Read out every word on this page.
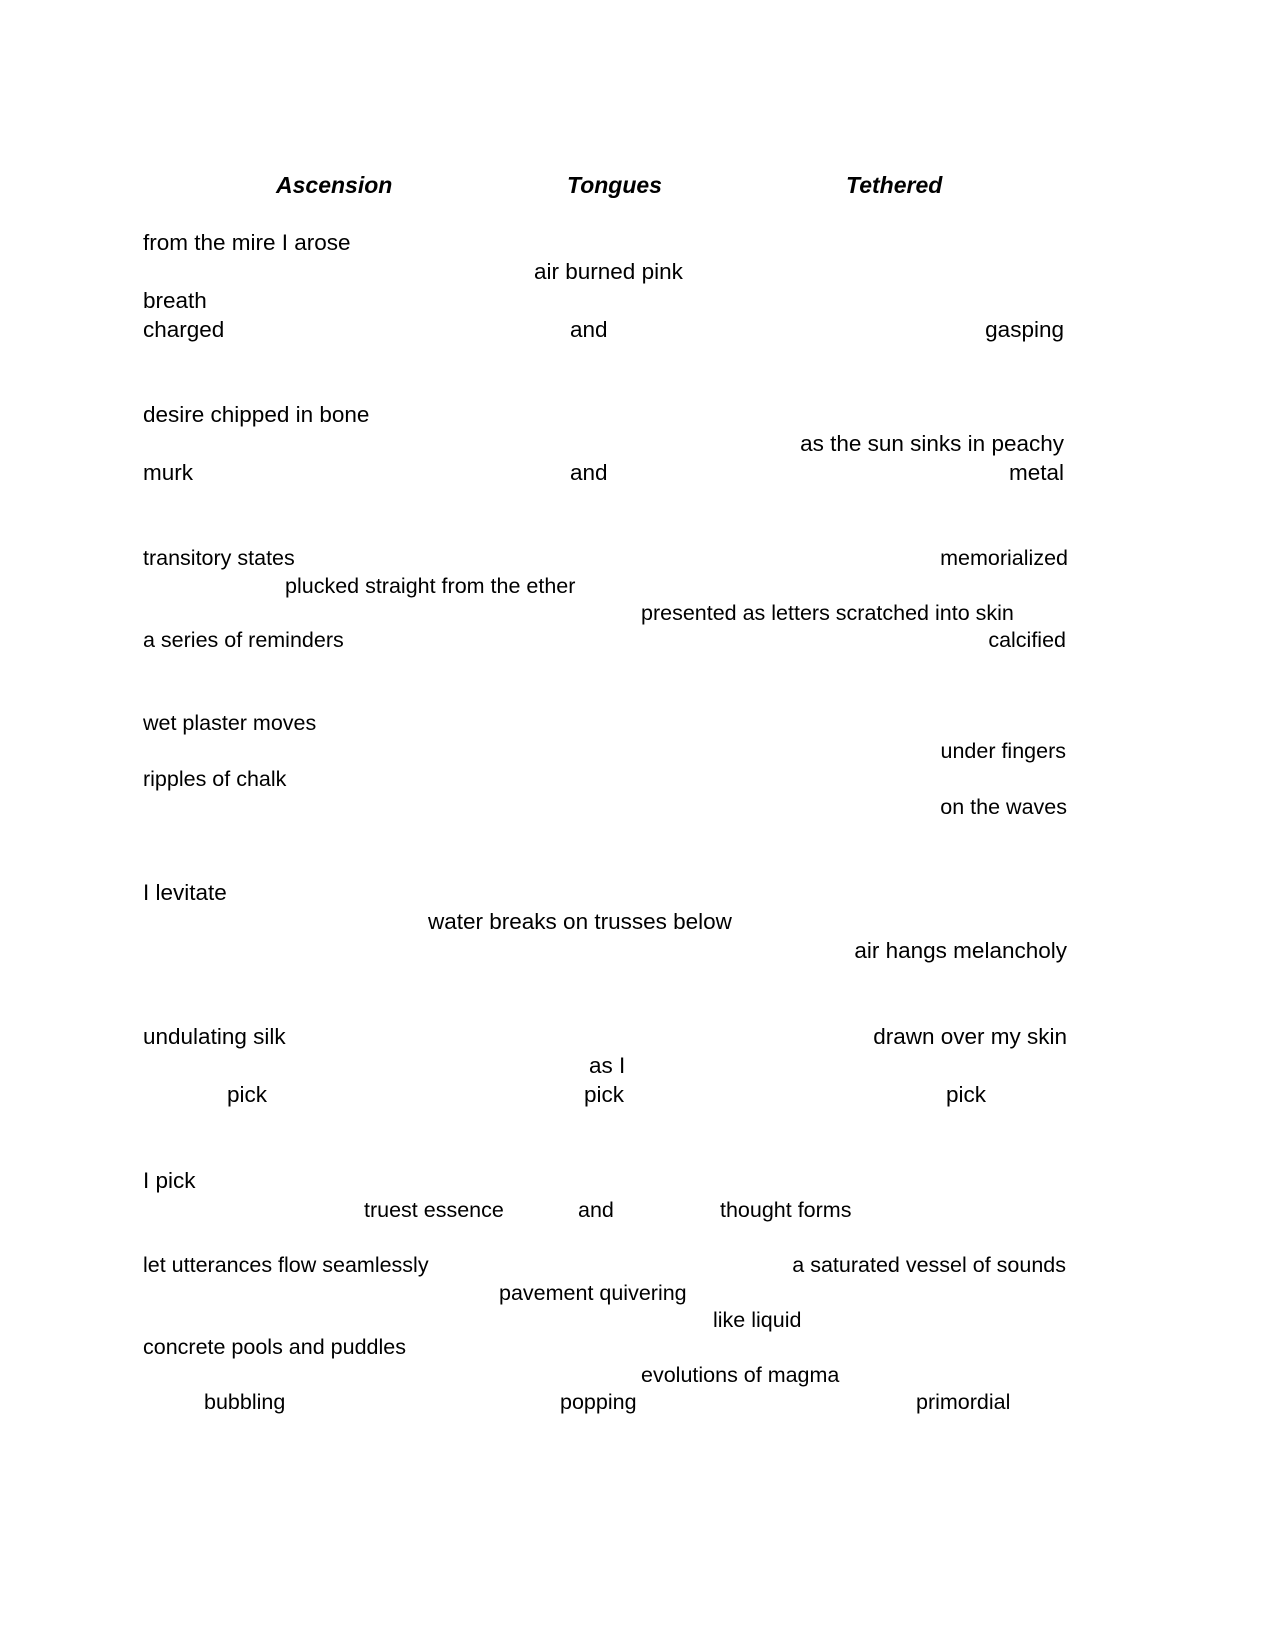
Ascension	Tongues	Tethered
from the mire I arose
air burned pink
breath
charged	and	gasping
desire chipped in bone
as the sun sinks in peachy
murk	and	metal
transitory states	memorialized
plucked straight from the ether
presented as letters scratched into skin
a series of reminders	calcified
wet plaster moves
under fingers
ripples of chalk
on the waves
I levitate
water breaks on trusses below
air hangs melancholy
undulating silk	drawn over my skin
as I
pick	pick	pick
I pick
truest essence	and	thought forms
let utterances flow seamlessly	a saturated vessel of sounds
pavement quivering
like liquid
concrete pools and puddles
evolutions of magma
bubbling	popping	primordial
